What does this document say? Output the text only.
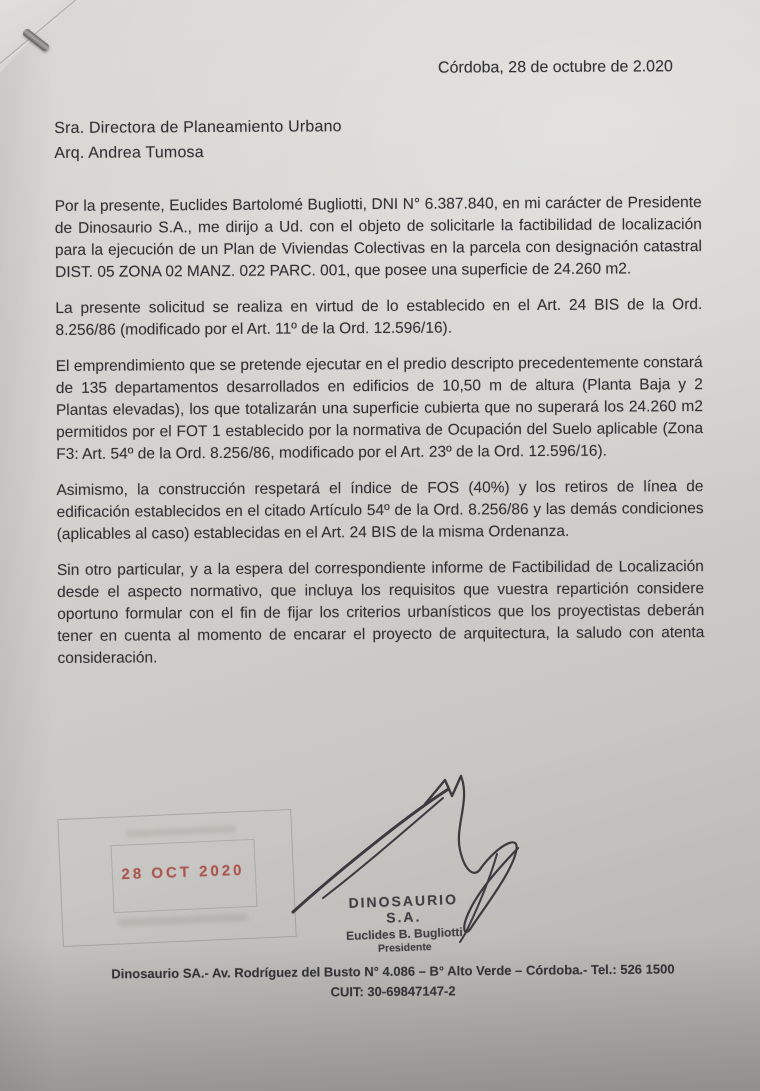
Córdoba, 28 de octubre de 2.020
Sra. Directora de Planeamiento Urbano
Arq. Andrea Tumosa

Por la presente, Euclides Bartolomé Bugliotti, DNI N° 6.387.840, en mi carácter de Presidente de Dinosaurio S.A., me dirijo a Ud. con el objeto de solicitarle la factibilidad de localización para la ejecución de un Plan de Viviendas Colectivas en la parcela con designación catastral DIST. 05 ZONA 02 MANZ. 022 PARC. 001, que posee una superficie de 24.260 m2.

La presente solicitud se realiza en virtud de lo establecido en el Art. 24 BIS de la Ord. 8.256/86 (modificado por el Art. 11º de la Ord. 12.596/16).

El emprendimiento que se pretende ejecutar en el predio descripto precedentemente constará de 135 departamentos desarrollados en edificios de 10,50 m de altura (Planta Baja y 2 Plantas elevadas), los que totalizarán una superficie cubierta que no superará los 24.260 m2 permitidos por el FOT 1 establecido por la normativa de Ocupación del Suelo aplicable (Zona F3: Art. 54º de la Ord. 8.256/86, modificado por el Art. 23º de la Ord. 12.596/16).

Asimismo, la construcción respetará el índice de FOS (40%) y los retiros de línea de edificación establecidos en el citado Artículo 54º de la Ord. 8.256/86 y las demás condiciones (aplicables al caso) establecidas en el Art. 24 BIS de la misma Ordenanza.

Sin otro particular, y a la espera del correspondiente informe de Factibilidad de Localización desde el aspecto normativo, que incluya los requisitos que vuestra repartición considere oportuno formular con el fin de fijar los criterios urbanísticos que los proyectistas deberán tener en cuenta al momento de encarar el proyecto de arquitectura, la saludo con atenta consideración.

28 OCT 2020
DINOSAURIO S.A.
Euclides B. Bugliotti
Presidente
Dinosaurio SA.- Av. Rodríguez del Busto N° 4.086 – B° Alto Verde – Córdoba.- Tel.: 526 1500
CUIT: 30-69847147-2
